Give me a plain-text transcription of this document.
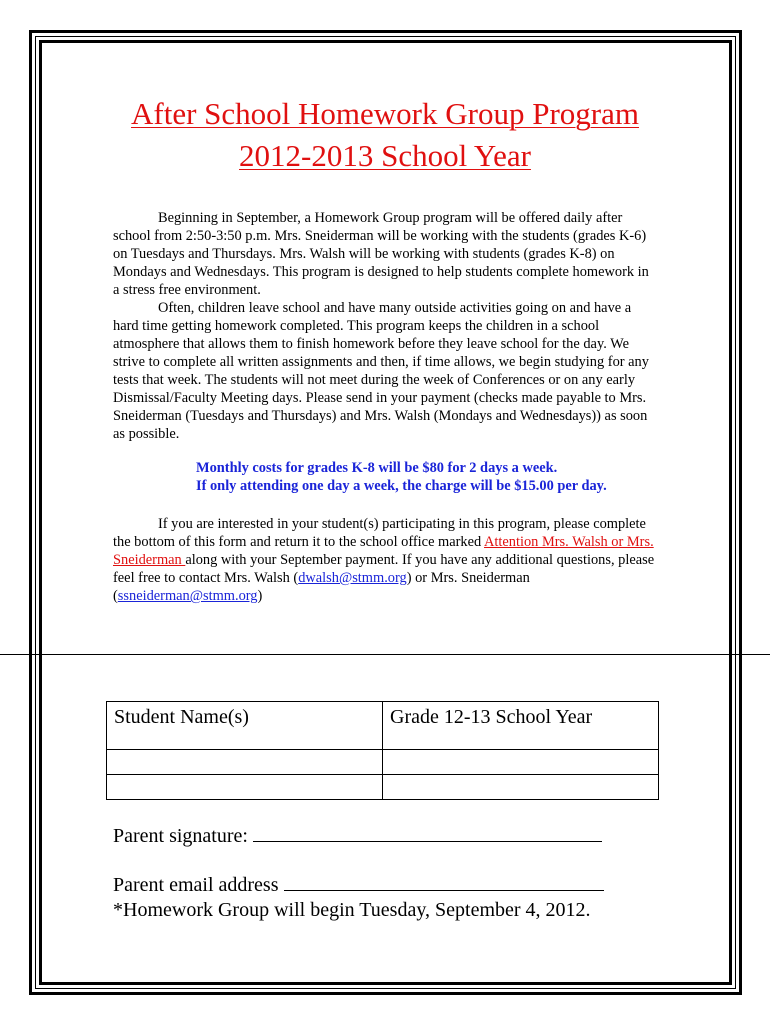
After School Homework Group Program
2012-2013 School Year

Beginning in September, a Homework Group program will be offered daily after school from 2:50-3:50 p.m. Mrs. Sneiderman will be working with the students (grades K-6) on Tuesdays and Thursdays. Mrs. Walsh will be working with students (grades K-8) on Mondays and Wednesdays. This program is designed to help students complete homework in a stress free environment.

Often, children leave school and have many outside activities going on and have a hard time getting homework completed. This program keeps the children in a school atmosphere that allows them to finish homework before they leave school for the day. We strive to complete all written assignments and then, if time allows, we begin studying for any tests that week. The students will not meet during the week of Conferences or on any early Dismissal/Faculty Meeting days. Please send in your payment (checks made payable to Mrs. Sneiderman (Tuesdays and Thursdays) and Mrs. Walsh (Mondays and Wednesdays)) as soon as possible.

Monthly costs for grades K-8 will be $80 for 2 days a week.
If only attending one day a week, the charge will be $15.00 per day.

If you are interested in your student(s) participating in this program, please complete the bottom of this form and return it to the school office marked Attention Mrs. Walsh or Mrs. Sneiderman along with your September payment. If you have any additional questions, please feel free to contact Mrs. Walsh (dwalsh@stmm.org) or Mrs. Sneiderman (ssneiderman@stmm.org)

Student Name(s)	Grade 12-13 School Year

Parent signature:
Parent email address
*Homework Group will begin Tuesday, September 4, 2012.
